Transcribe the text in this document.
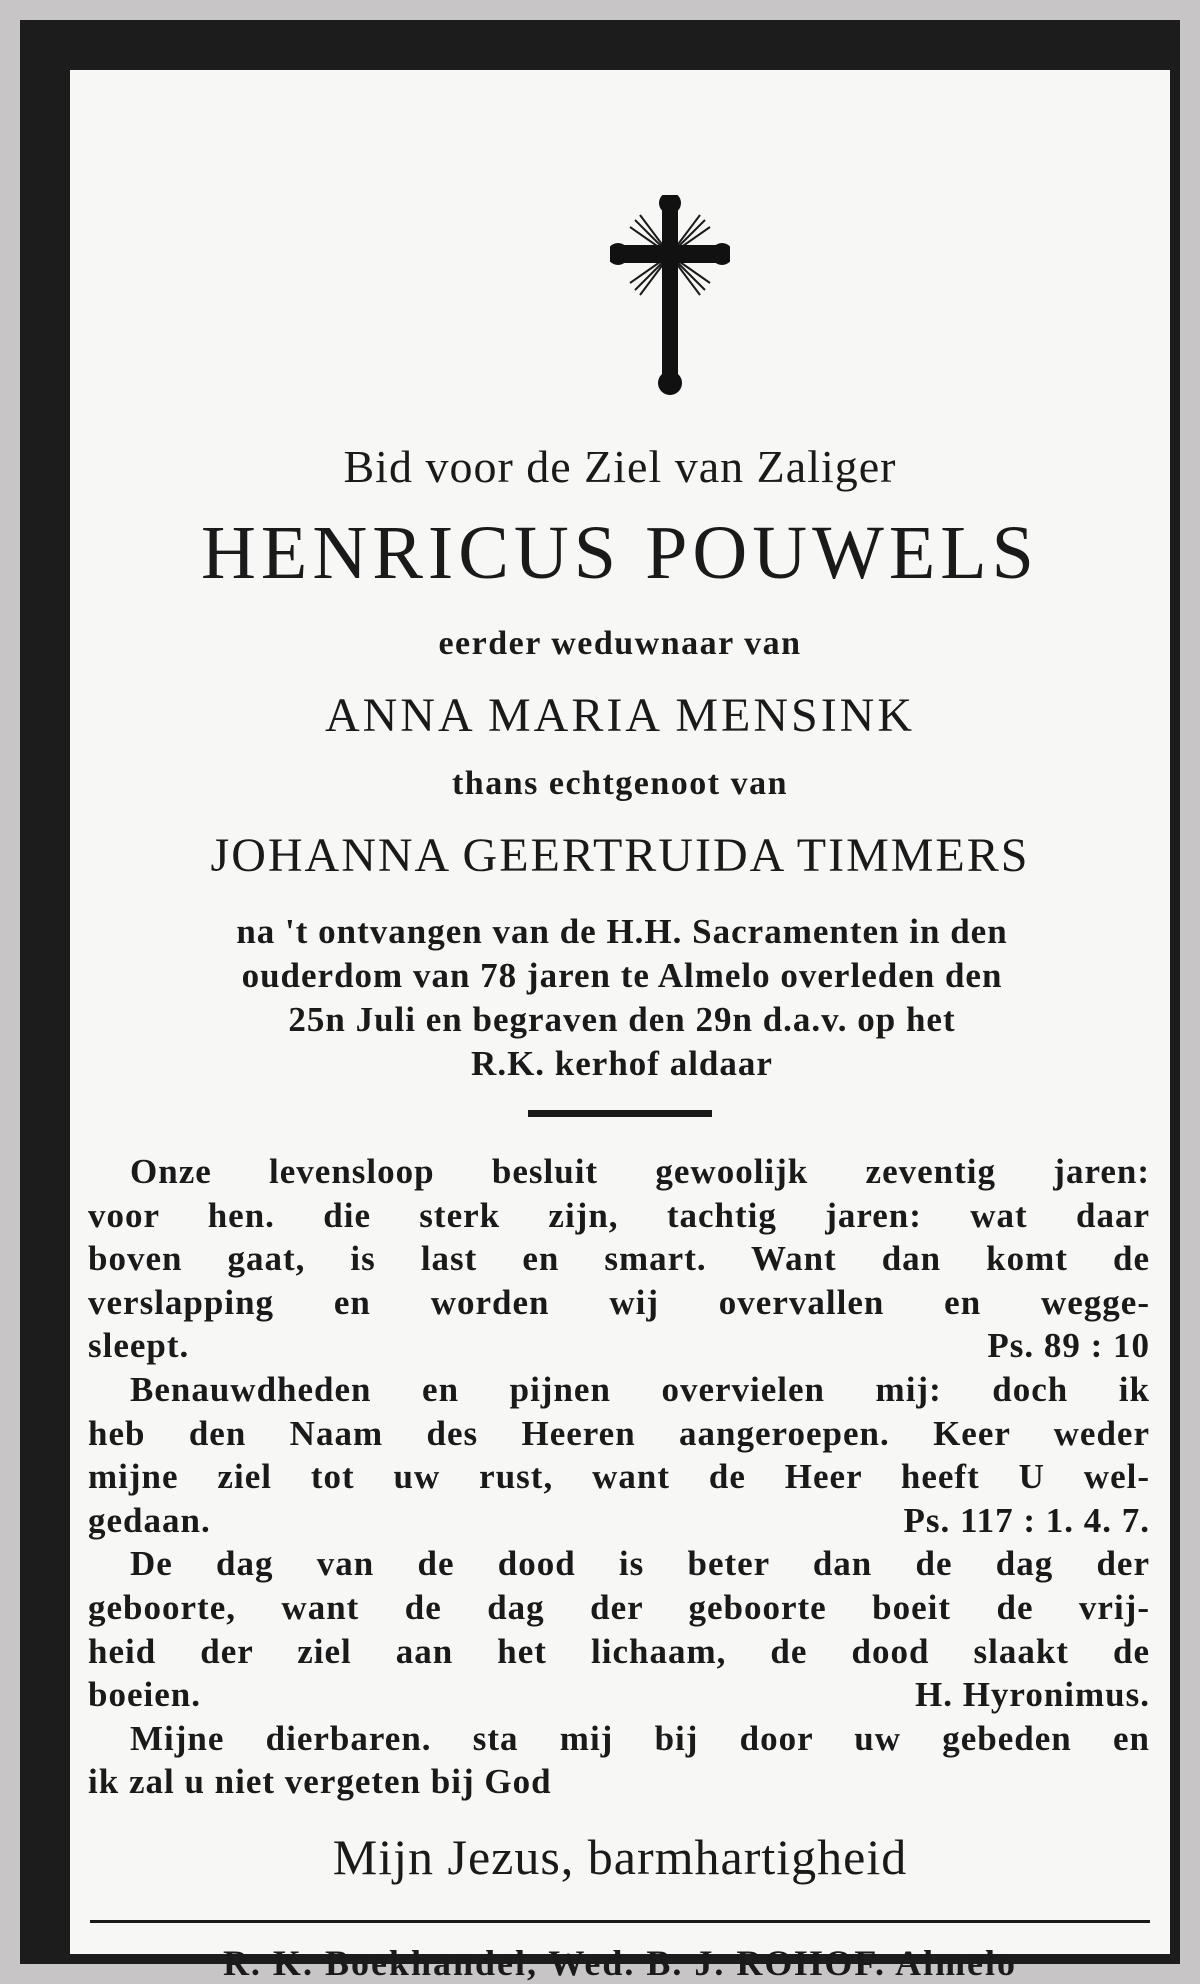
Bid voor de Ziel van Zaliger
HENRICUS POUWELS
eerder weduwnaar van
ANNA MARIA MENSINK
thans echtgenoot van
JOHANNA GEERTRUIDA TIMMERS
na 't ontvangen van de H.H. Sacramenten in den
ouderdom van 78 jaren te Almelo overleden den
25n Juli en begraven den 29n d.a.v. op het
R.K. kerhof aldaar
Onze levensloop besluit gewoolijk zeventig jaren:
voor hen. die sterk zijn, tachtig jaren: wat daar
boven gaat, is last en smart. Want dan komt de
verslapping en worden wij overvallen en wegge-
sleept.	Ps. 89 : 10
Benauwdheden en pijnen overvielen mij: doch ik
heb den Naam des Heeren aangeroepen. Keer weder
mijne ziel tot uw rust, want de Heer heeft U wel-
gedaan.	Ps. 117 : 1. 4. 7.
De dag van de dood is beter dan de dag der
geboorte, want de dag der geboorte boeit de vrij-
heid der ziel aan het lichaam, de dood slaakt de
boeien.	H. Hyronimus.
Mijne dierbaren. sta mij bij door uw gebeden en
ik zal u niet vergeten bij God
Mijn Jezus, barmhartigheid
R. K. Boekhandel, Wed. B. J. ROHOF. Almelo
